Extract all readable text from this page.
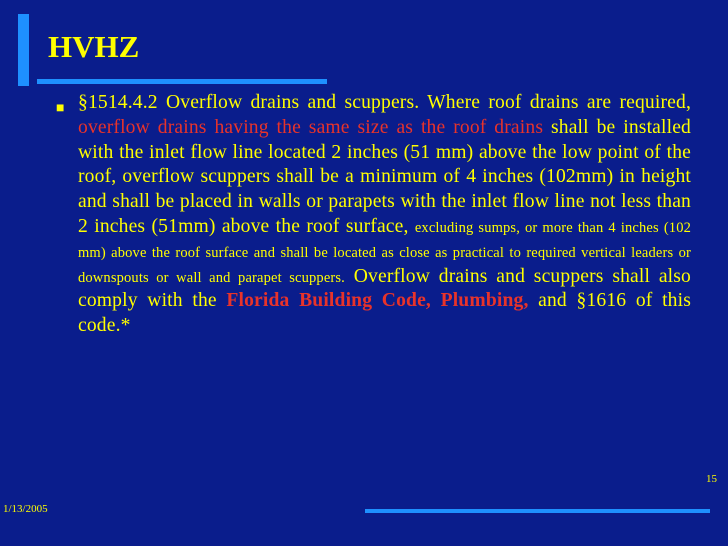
HVHZ
■ §1514.4.2 Overflow drains and scuppers. Where roof drains are required, overflow drains having the same size as the roof drains shall be installed with the inlet flow line located 2 inches (51 mm) above the low point of the roof, overflow scuppers shall be a minimum of 4 inches (102mm) in height and shall be placed in walls or parapets with the inlet flow line not less than 2 inches (51mm) above the roof surface, excluding sumps, or more than 4 inches (102 mm) above the roof surface and shall be located as close as practical to required vertical leaders or downspouts or wall and parapet scuppers. Overflow drains and scuppers shall also comply with the Florida Building Code, Plumbing, and §1616 of this code.*
15
1/13/2005
